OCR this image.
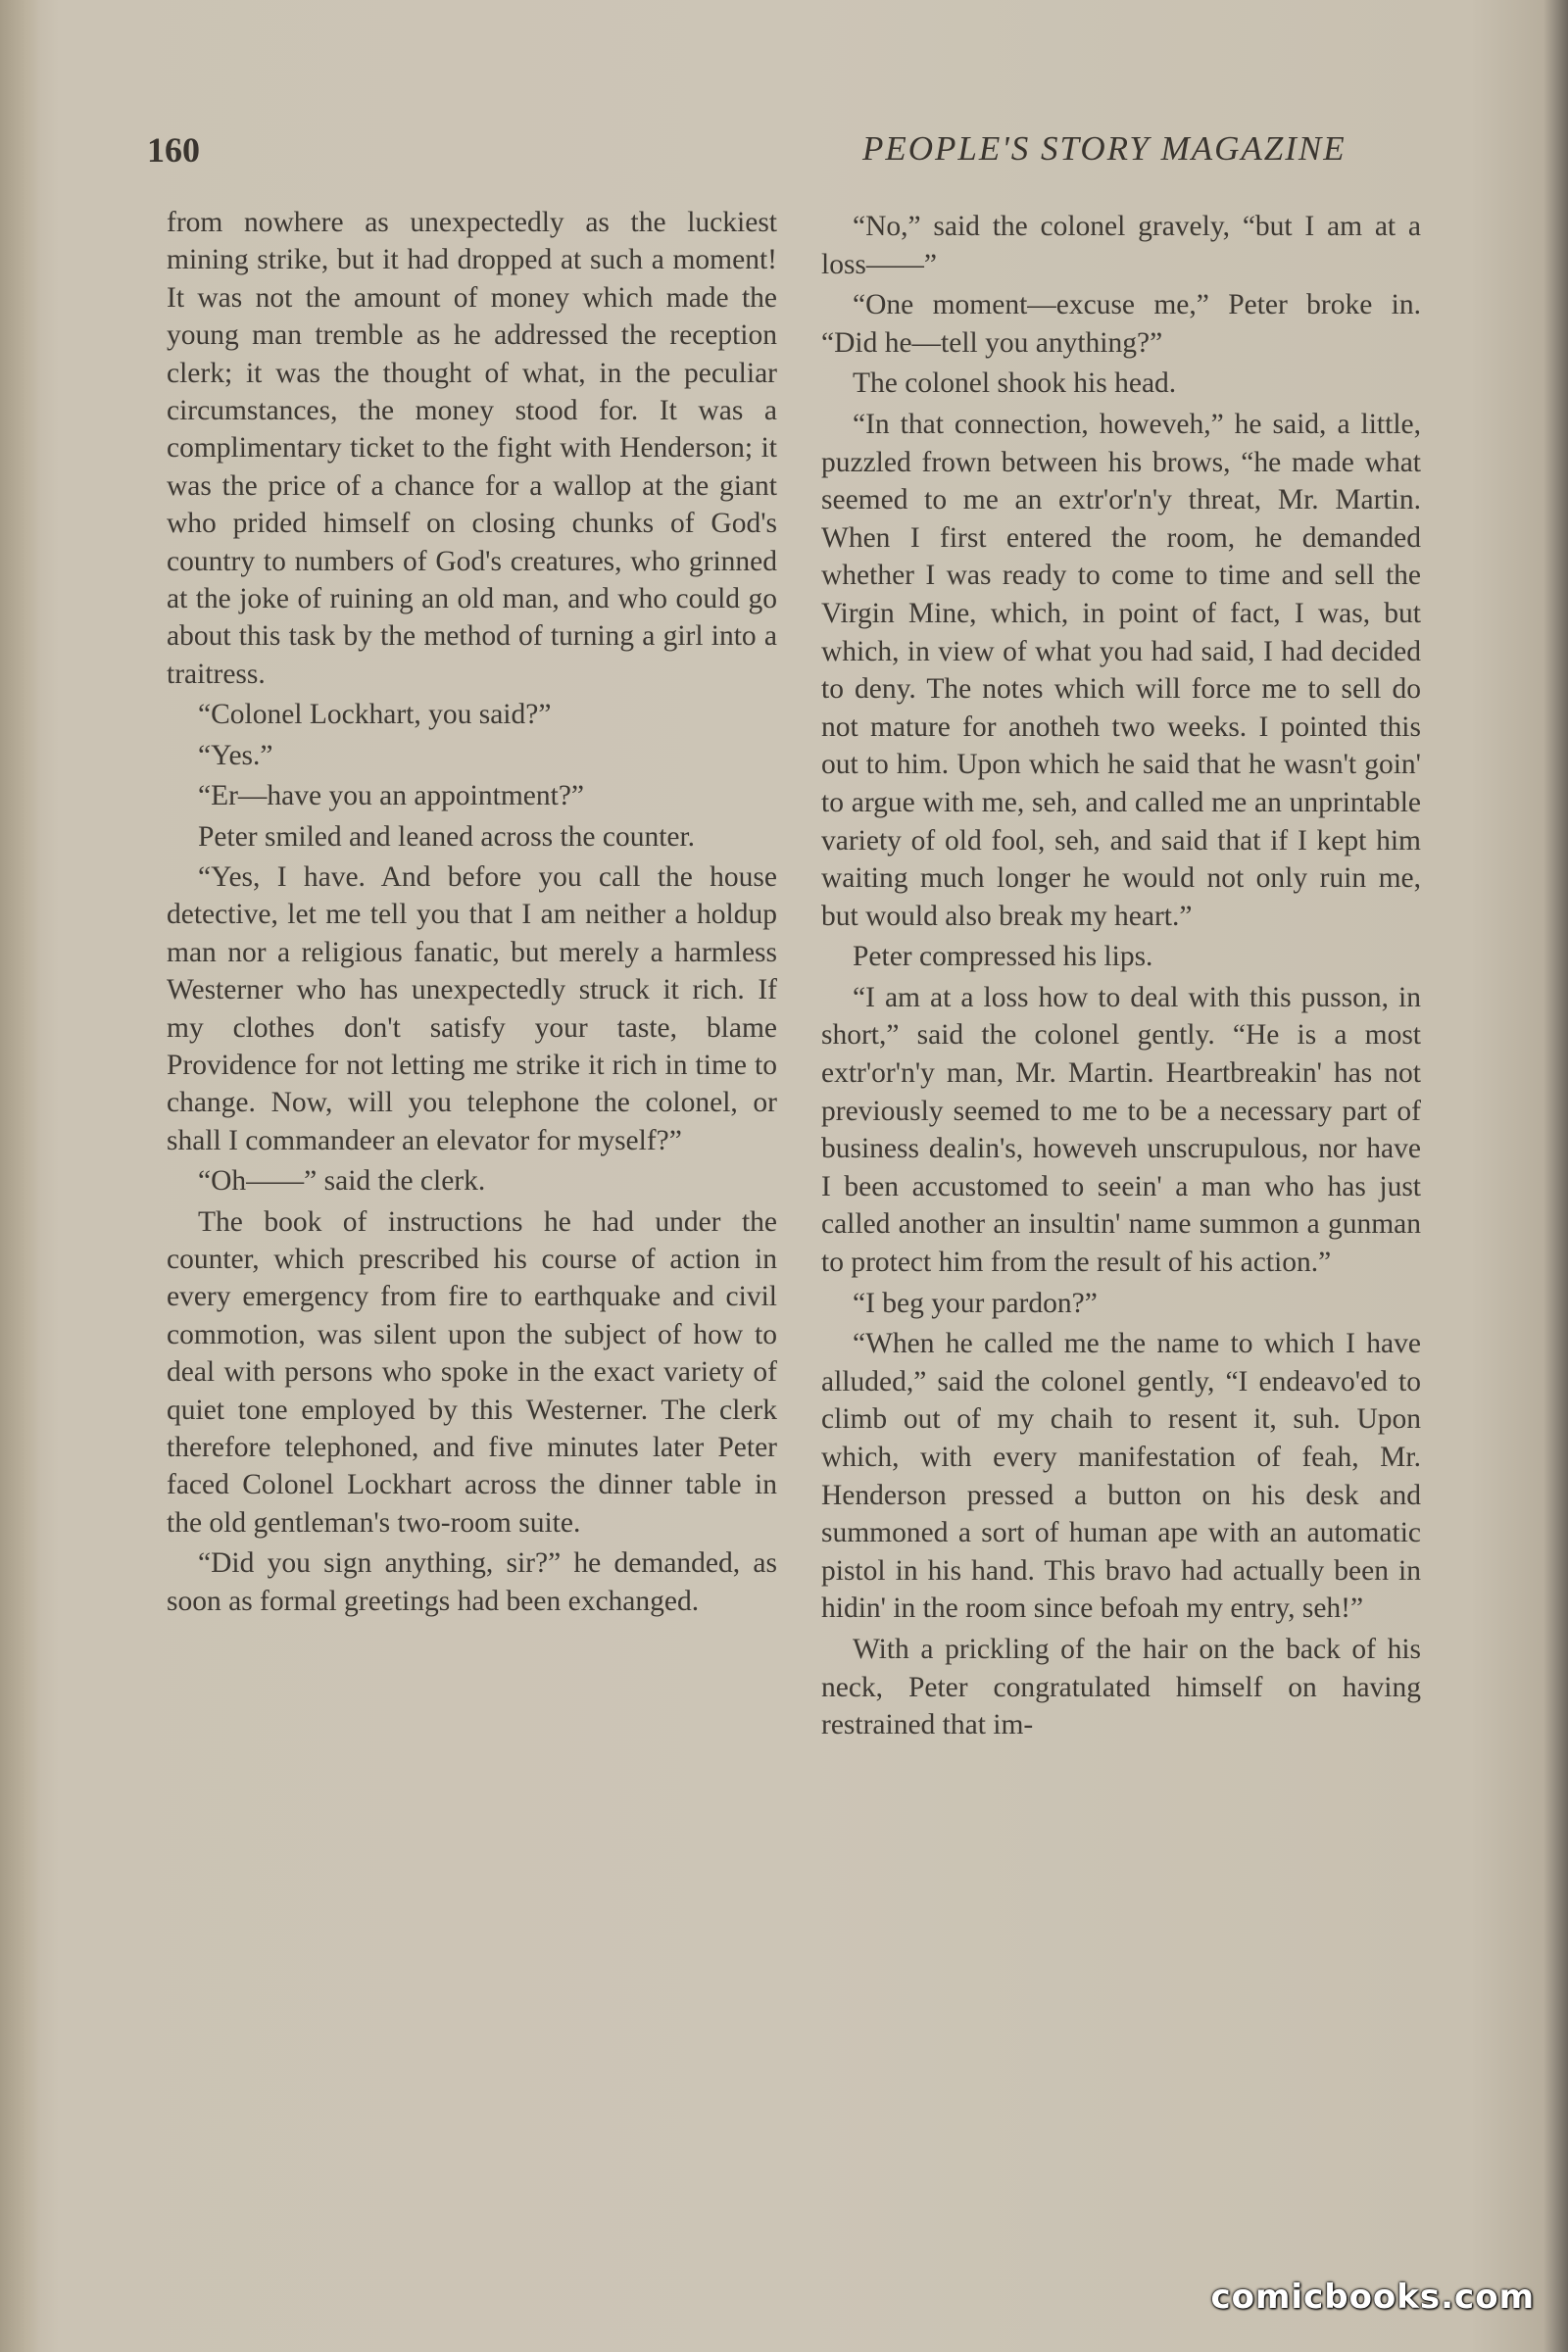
160	PEOPLE'S STORY MAGAZINE

from nowhere as unexpectedly as the luckiest mining strike, but it had dropped at such a moment! It was not the amount of money which made the young man tremble as he addressed the reception clerk; it was the thought of what, in the peculiar circumstances, the money stood for. It was a complimentary ticket to the fight with Henderson; it was the price of a chance for a wallop at the giant who prided himself on closing chunks of God's country to numbers of God's creatures, who grinned at the joke of ruining an old man, and who could go about this task by the method of turning a girl into a traitress.

“Colonel Lockhart, you said?”

“Yes.”

“Er—have you an appointment?”

Peter smiled and leaned across the counter.

“Yes, I have. And before you call the house detective, let me tell you that I am neither a holdup man nor a religious fanatic, but merely a harmless Westerner who has unexpectedly struck it rich. If my clothes don't satisfy your taste, blame Providence for not letting me strike it rich in time to change. Now, will you telephone the colonel, or shall I commandeer an elevator for myself?”

“Oh——” said the clerk.

The book of instructions he had under the counter, which prescribed his course of action in every emergency from fire to earthquake and civil commotion, was silent upon the subject of how to deal with persons who spoke in the exact variety of quiet tone employed by this Westerner. The clerk therefore telephoned, and five minutes later Peter faced Colonel Lockhart across the dinner table in the old gentleman's two-room suite.

“Did you sign anything, sir?” he demanded, as soon as formal greetings had been exchanged.

“No,” said the colonel gravely, “but I am at a loss——”

“One moment—excuse me,” Peter broke in. “Did he—tell you anything?”

The colonel shook his head.

“In that connection, howeveh,” he said, a little, puzzled frown between his brows, “he made what seemed to me an extr'or'n'y threat, Mr. Martin. When I first entered the room, he demanded whether I was ready to come to time and sell the Virgin Mine, which, in point of fact, I was, but which, in view of what you had said, I had decided to deny. The notes which will force me to sell do not mature for anotheh two weeks. I pointed this out to him. Upon which he said that he wasn't goin' to argue with me, seh, and called me an unprintable variety of old fool, seh, and said that if I kept him waiting much longer he would not only ruin me, but would also break my heart.”

Peter compressed his lips.

“I am at a loss how to deal with this pusson, in short,” said the colonel gently. “He is a most extr'or'n'y man, Mr. Martin. Heartbreakin' has not previously seemed to me to be a necessary part of business dealin's, howeveh unscrupulous, nor have I been accustomed to seein' a man who has just called another an insultin' name summon a gunman to protect him from the result of his action.”

“I beg your pardon?”

“When he called me the name to which I have alluded,” said the colonel gently, “I endeavo'ed to climb out of my chaih to resent it, suh. Upon which, with every manifestation of feah, Mr. Henderson pressed a button on his desk and summoned a sort of human ape with an automatic pistol in his hand. This bravo had actually been in hidin' in the room since befoah my entry, seh!”

With a prickling of the hair on the back of his neck, Peter congratulated himself on having restrained that im-

comicbooks.com
